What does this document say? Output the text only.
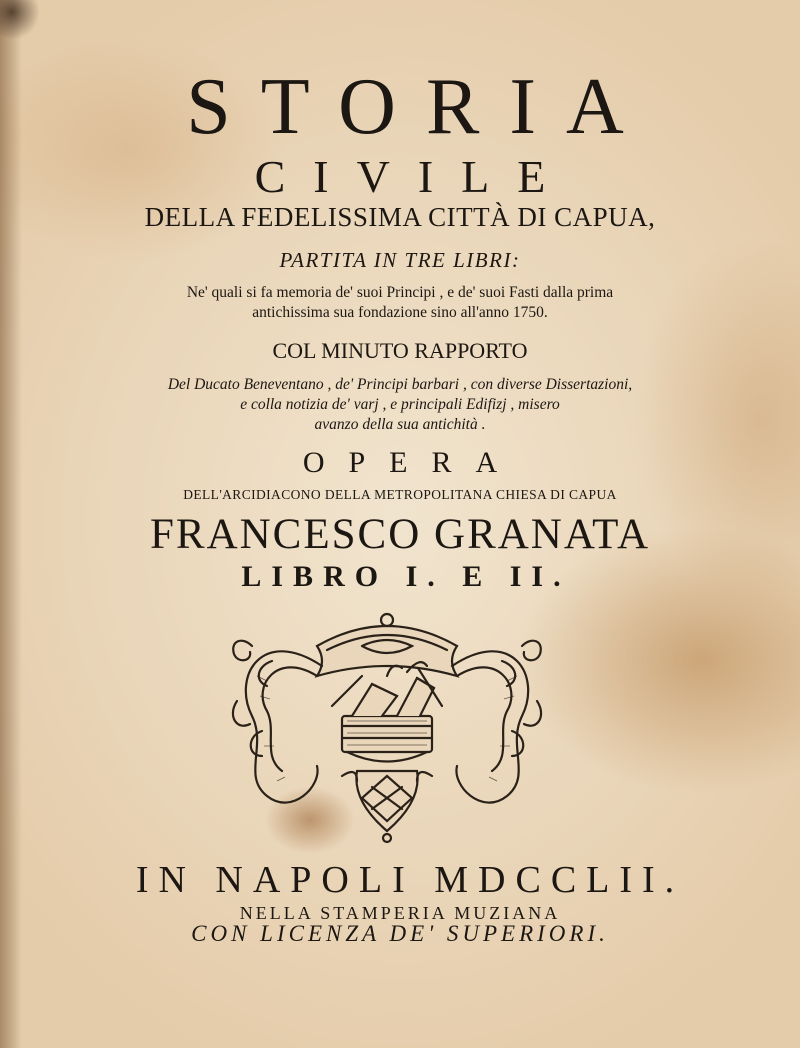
STORIA
CIVILE
DELLA FEDELISSIMA CITTÀ DI CAPUA,
PARTITA IN TRE LIBRI:
Ne' quali si fa memoria de' suoi Principi , e de' suoi Fasti dalla prima
antichissima sua fondazione sino all'anno 1750.
COL MINUTO RAPPORTO
Del Ducato Beneventano , de' Principi barbari , con diverse Dissertazioni,
e colla notizia de' varj , e principali Edifizj , misero
avanzo della sua antichità .
OPERA
DELL'ARCIDIACONO DELLA METROPOLITANA CHIESA DI CAPUA
FRANCESCO GRANATA
LIBRO I. E II.
IN NAPOLI MDCCLII.
NELLA STAMPERIA MUZIANA
CON LICENZA DE' SUPERIORI.
